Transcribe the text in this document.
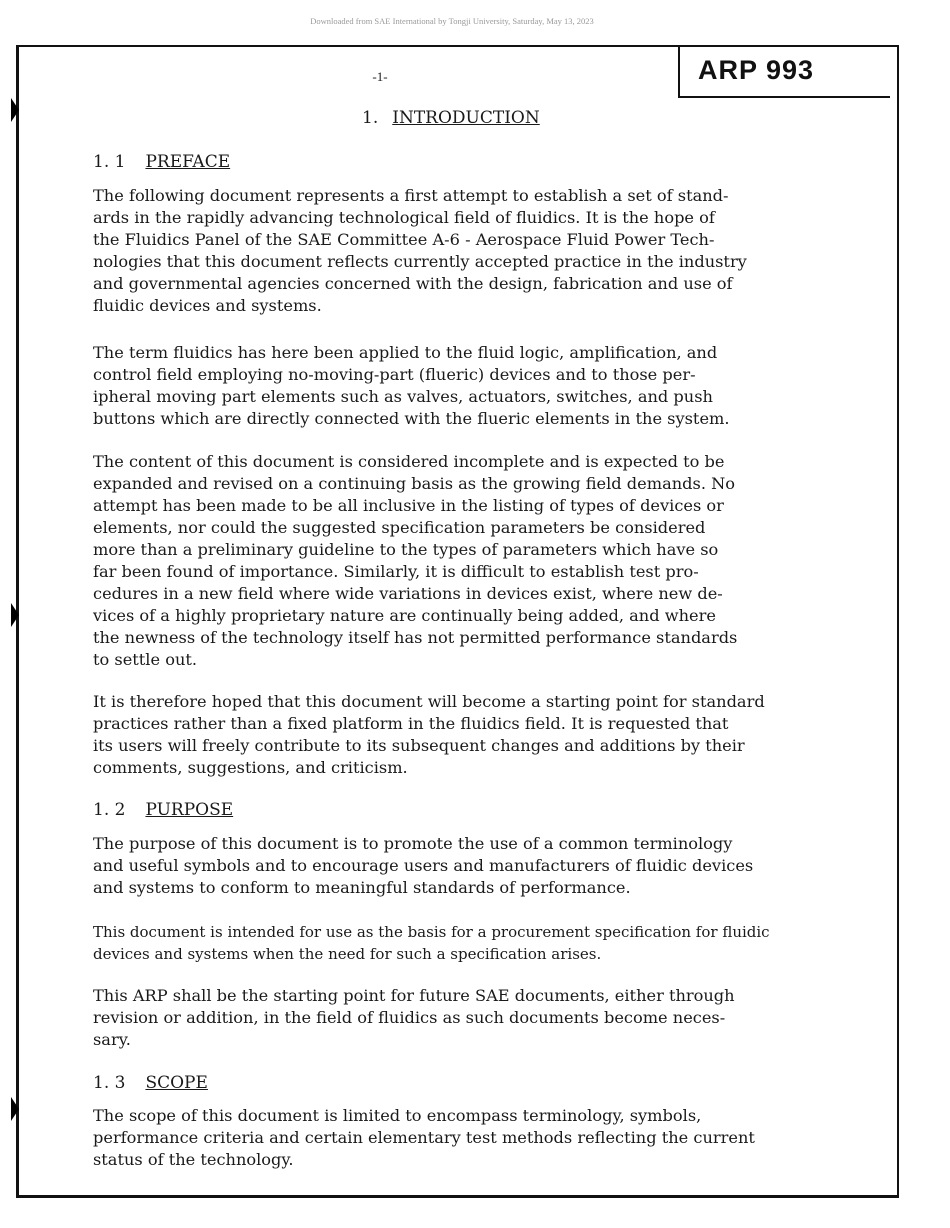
Downloaded from SAE International by Tongji University, Saturday, May 13, 2023
ARP 993
-1-
1. INTRODUCTION
1. 1 PREFACE
The following document represents a first attempt to establish a set of stand-
ards in the rapidly advancing technological field of fluidics. It is the hope of
the Fluidics Panel of the SAE Committee A-6 - Aerospace Fluid Power Tech-
nologies that this document reflects currently accepted practice in the industry
and governmental agencies concerned with the design, fabrication and use of
fluidic devices and systems.
The term fluidics has here been applied to the fluid logic, amplification, and
control field employing no-moving-part (flueric) devices and to those per-
ipheral moving part elements such as valves, actuators, switches, and push
buttons which are directly connected with the flueric elements in the system.
The content of this document is considered incomplete and is expected to be
expanded and revised on a continuing basis as the growing field demands. No
attempt has been made to be all inclusive in the listing of types of devices or
elements, nor could the suggested specification parameters be considered
more than a preliminary guideline to the types of parameters which have so
far been found of importance. Similarly, it is difficult to establish test pro-
cedures in a new field where wide variations in devices exist, where new de-
vices of a highly proprietary nature are continually being added, and where
the newness of the technology itself has not permitted performance standards
to settle out.
It is therefore hoped that this document will become a starting point for standard
practices rather than a fixed platform in the fluidics field. It is requested that
its users will freely contribute to its subsequent changes and additions by their
comments, suggestions, and criticism.
1. 2 PURPOSE
The purpose of this document is to promote the use of a common terminology
and useful symbols and to encourage users and manufacturers of fluidic devices
and systems to conform to meaningful standards of performance.
This document is intended for use as the basis for a procurement specification for fluidic
devices and systems when the need for such a specification arises.
This ARP shall be the starting point for future SAE documents, either through
revision or addition, in the field of fluidics as such documents become neces-
sary.
1. 3 SCOPE
The scope of this document is limited to encompass terminology, symbols,
performance criteria and certain elementary test methods reflecting the current
status of the technology.
